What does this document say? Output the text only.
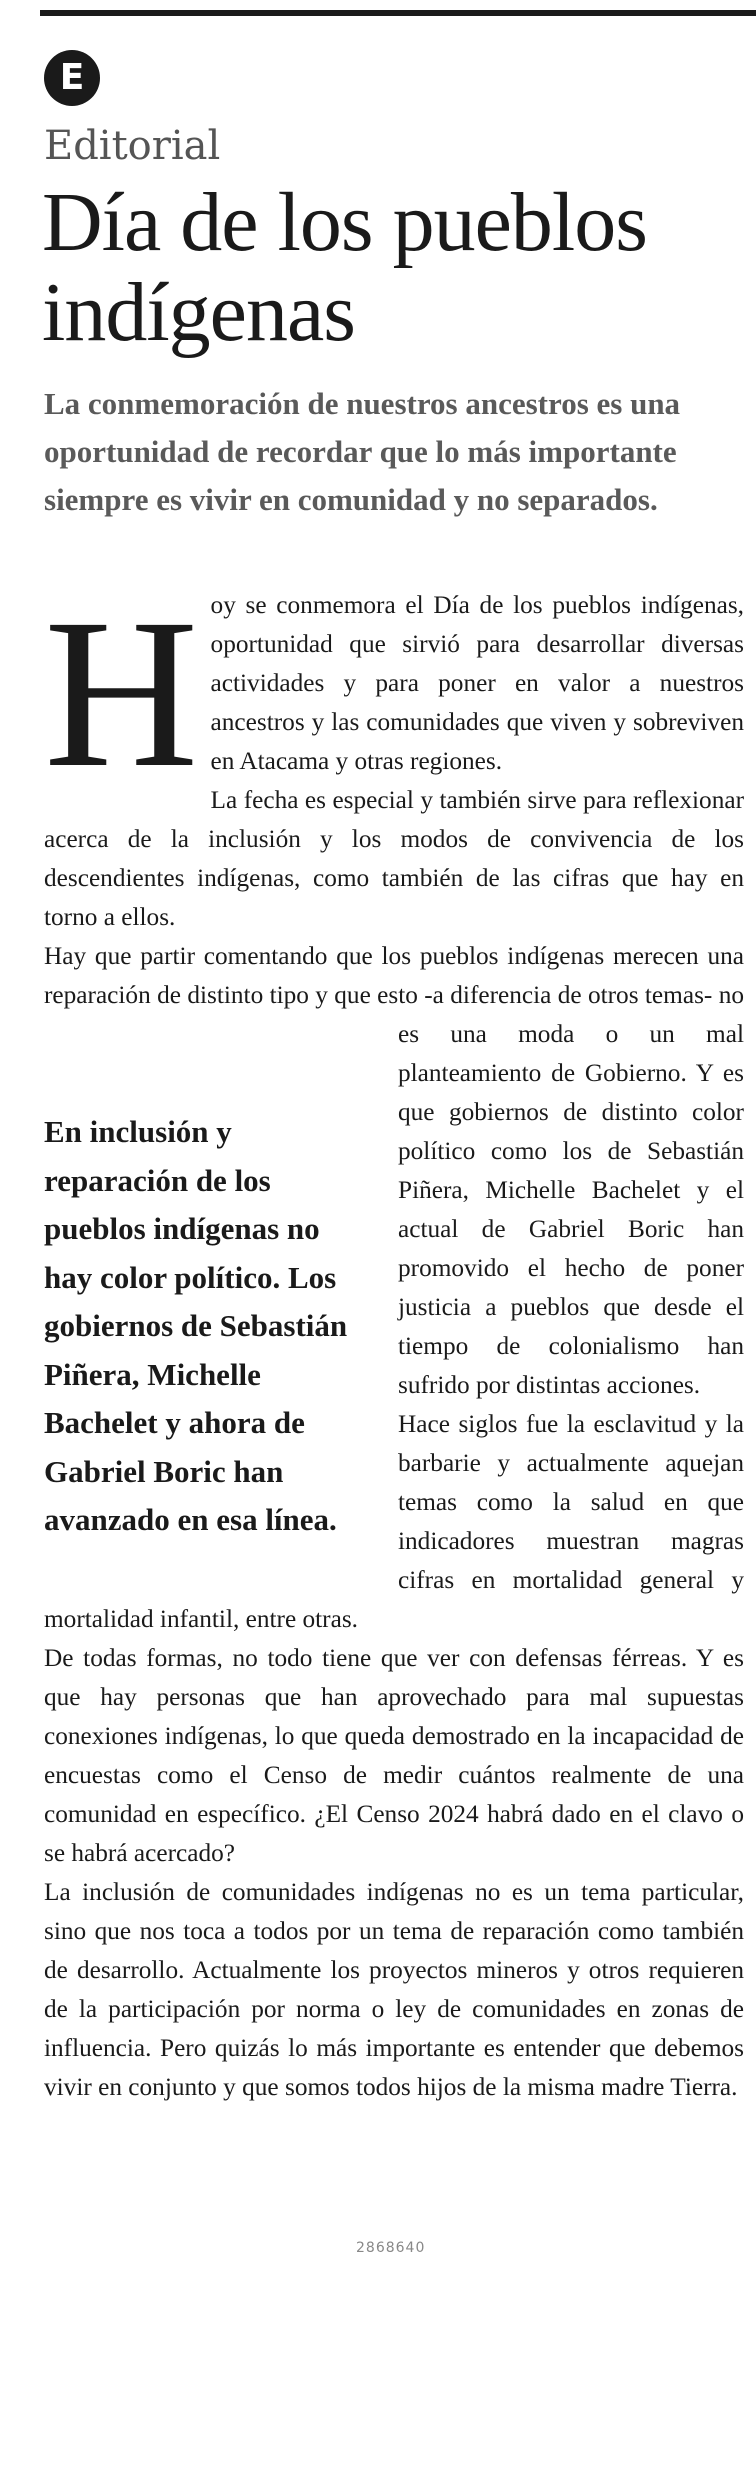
E
Editorial
Día de los pueblos indígenas

La conmemoración de nuestros ancestros es una oportunidad de recordar que lo más importante siempre es vivir en comunidad y no separados.

H oy se conmemora el Día de los pueblos indígenas, oportunidad que sirvió para desarrollar diversas actividades y para poner en valor a nuestros ancestros y las comunidades que viven y sobreviven en Atacama y otras regiones.

La fecha es especial y también sirve para reflexionar acerca de la inclusión y los modos de convivencia de los descendientes indígenas, como también de las cifras que hay en torno a ellos.

Hay que partir comentando que los pueblos indígenas merecen una reparación de distinto tipo y que esto -a diferencia de otros temas- no es una moda o
un mal planteamiento de Gobierno. Y es que gobiernos de distinto color político como los de Sebastián Piñera, Michelle Bachelet y el actual de Gabriel Boric han promovido el hecho de poner justicia a pueblos que desde el tiempo de colonialismo han sufrido por distintas acciones.

Hace siglos fue la esclavitud y la barbarie y actualmente aquejan temas como la salud en que indicadores muestran magras cifras en mortalidad general y mortalidad infantil, entre otras.

De todas formas, no todo tiene que ver con defensas férreas. Y es que hay personas que han aprovechado para mal supuestas conexiones indígenas, lo que queda demostrado en la incapacidad de encuestas como el Censo de medir cuántos realmente de una comunidad en específico. ¿El Censo 2024 habrá dado en el clavo o se habrá acercado?

La inclusión de comunidades indígenas no es un tema particular, sino que nos toca a todos por un tema de reparación como también de desarrollo. Actualmente los proyectos mineros y otros requieren de la participación por norma o ley de comunidades en zonas de influencia. Pero quizás lo más importante es entender que debemos vivir en conjunto y que somos todos hijos de la misma madre Tierra.

En inclusión y reparación de los pueblos indígenas no hay color político. Los gobiernos de Sebastián Piñera, Michelle Bachelet y ahora de Gabriel Boric han avanzado en esa línea.

2868640
